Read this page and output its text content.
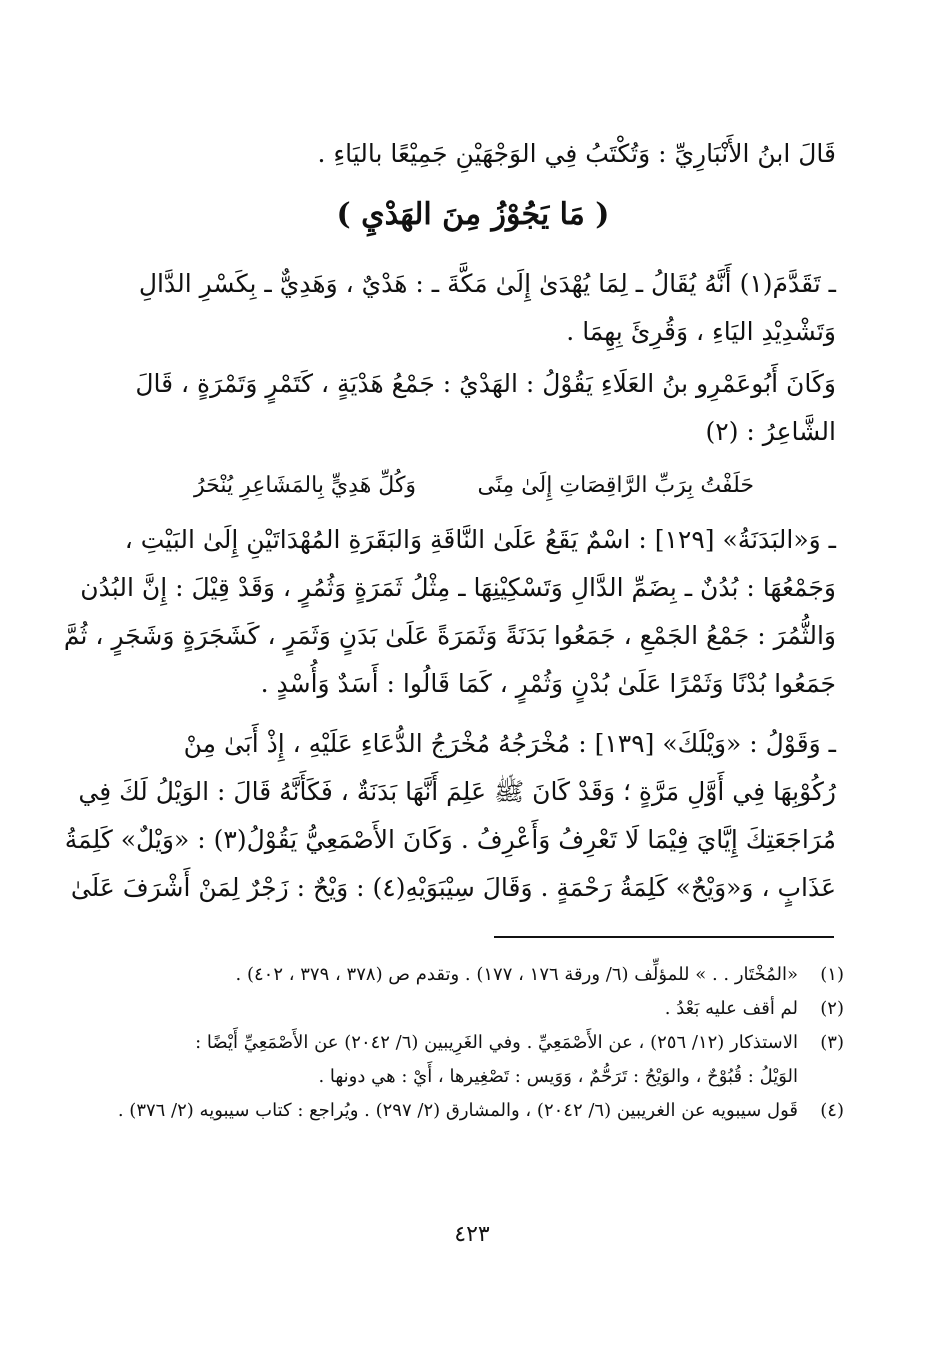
قَالَ ابنُ الأَنْبَارِيِّ : وَتُكْتَبُ فِي الوَجْهَيْنِ جَمِيْعًا باليَاءِ .
( مَا يَجُوْزُ مِنَ الهَدْيِ )
ـ تَقَدَّمَ(١) أَنَّهُ يُقَالُ ـ لِمَا يُهْدَىٰ إِلَىٰ مَكَّةَ ـ : هَدْيٌ ، وَهَدِيٌّ ـ بِكَسْرِ الدَّالِ
وَتَشْدِيْدِ اليَاءِ ، وَقُرِئَ بِهِمَا .
وَكَانَ أَبُوعَمْرِو بنُ العَلَاءِ يَقُوْلُ : الهَدْيُ : جَمْعُ هَدْيَةٍ ، كَتَمْرٍ وَتَمْرَةٍ ، قَالَ
الشَّاعِرُ : (٢)
حَلَفْتُ بِرَبِّ الرَّاقِصَاتِ إِلَىٰ مِنًى
وَكُلِّ هَدِيٍّ بِالمَشَاعِرِ يُنْحَرُ
ـ وَ«البَدَنَةُ» [١٢٩] : اسْمٌ يَقَعُ عَلَىٰ النَّاقَةِ وَالبَقَرَةِ المُهْدَاتَيْنِ إِلَىٰ البَيْتِ ،
وَجَمْعُهَا : بُدُنٌ ـ بِضَمِّ الدَّالِ وَتَسْكِيْنِهَا ـ مِثْلُ ثَمَرَةٍ وَثُمُرٍ ، وَقَدْ قِيْلَ : إِنَّ البُدُن
وَالثُّمُرَ : جَمْعُ الجَمْعِ ، جَمَعُوا بَدَنَةً وَثَمَرَةً عَلَىٰ بَدَنٍ وَثَمَرٍ ، كَشَجَرَةٍ وَشَجَرٍ ، ثُمَّ
جَمَعُوا بُدْنًا وَثَمْرًا عَلَىٰ بُدْنٍ وَثُمْرٍ ، كَمَا قَالُوا : أَسَدٌ وَأُسْدٍ .
ـ وَقَوْلُ : «وَيْلَكَ» [١٣٩] : مُخْرَجُهُ مُخْرَجُ الدُّعَاءِ عَلَيْهِ ، إِذْ أَبَىٰ مِنْ
رُكُوْبِهَا فِي أَوَّلِ مَرَّةٍ ؛ وَقَدْ كَانَ ﷺ عَلِمَ أَنَّهَا بَدَنَةٌ ، فَكَأَنَّهُ قَالَ : الوَيْلُ لَكَ فِي
مُرَاجَعَتِكَ إِيَّايَ فِيْمَا لَا تَعْرِفُ وَأَعْرِفُ . وَكَانَ الأَصْمَعِيُّ يَقُوْلُ(٣) : «وَيْلٌ» كَلِمَةُ
عَذَابٍ ، وَ«وَيْحٌ» كَلِمَةُ رَحْمَةٍ . وَقَالَ سِيْبَوَيْهِ(٤) : وَيْحٌ : زَجْرٌ لِمَنْ أَشْرَفَ عَلَىٰ
(١)
«المُخْتَار . . » للمؤلِّف (٦/ ورقة ١٧٦ ، ١٧٧) . وتقدم ص (٣٧٨ ، ٣٧٩ ، ٤٠٢) .
(٢)
لم أقف عليه بَعْدُ .
(٣)
الاستذكار (١٢/ ٢٥٦) ، عن الأَصْمَعِيِّ . وفي الغَرِيبين (٦/ ٢٠٤٢) عن الأَصْمَعِيِّ أَيْضًا :
الوَيْلُ : قُبُوْحٌ ، والوَيْحُ : تَرَحُّمٌ ، وَوَيس : تَصْغِيرها ، أَيْ : هي دونها .
(٤)
قَول سيبويه عن الغريبين (٦/ ٢٠٤٢) ، والمشارق (٢/ ٢٩٧) . ويُراجع : كتاب سيبويه (٢/ ٣٧٦) .
٤٢٣
